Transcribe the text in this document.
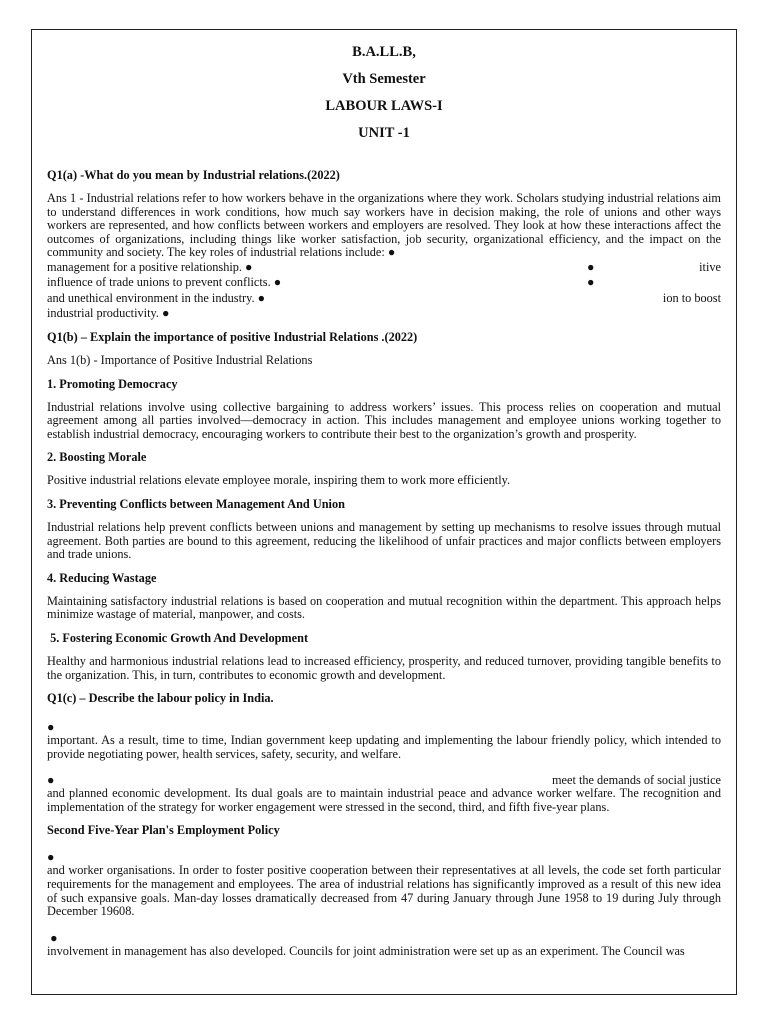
B.A.LL.B,
Vth Semester
LABOUR LAWS-I
UNIT -1
Q1(a) -What do you mean by Industrial relations.(2022)

Ans 1 - Industrial relations refer to how workers behave in the organizations where they work. Scholars studying industrial relations aim to understand differences in work conditions, how much say workers have in decision making, the role of unions and other ways workers are represented, and how conflicts between workers and employers are resolved. They look at how these interactions affect the outcomes of organizations, including things like worker satisfaction, job security, organizational efficiency, and the impact on the community and society. The key roles of industrial relations include: ●

management for a positive relationship. ●	●	itive
influence of trade unions to prevent conflicts. ●	●
and unethical environment in the industry. ●	ion to boost
industrial productivity. ●
Q1(b) – Explain the importance of positive Industrial Relations .(2022)

Ans 1(b) - Importance of Positive Industrial Relations

1. Promoting Democracy

Industrial relations involve using collective bargaining to address workers’ issues. This process relies on cooperation and mutual agreement among all parties involved—democracy in action. This includes management and employee unions working together to establish industrial democracy, encouraging workers to contribute their best to the organization’s growth and prosperity.

2. Boosting Morale

Positive industrial relations elevate employee morale, inspiring them to work more efficiently.

3. Preventing Conflicts between Management And Union

Industrial relations help prevent conflicts between unions and management by setting up mechanisms to resolve issues through mutual agreement. Both parties are bound to this agreement, reducing the likelihood of unfair practices and major conflicts between employers and trade unions.

4. Reducing Wastage

Maintaining satisfactory industrial relations is based on cooperation and mutual recognition within the department. This approach helps minimize wastage of material, manpower, and costs.

5. Fostering Economic Growth And Development

Healthy and harmonious industrial relations lead to increased efficiency, prosperity, and reduced turnover, providing tangible benefits to the organization. This, in turn, contributes to economic growth and development.

Q1(c) – Describe the labour policy in India.
●
important. As a result, time to time, Indian government keep updating and implementing the labour friendly policy, which intended to provide negotiating power, health services, safety, security, and welfare.
●	meet the demands of social justice
and planned economic development. Its dual goals are to maintain industrial peace and advance worker welfare. The recognition and implementation of the strategy for worker engagement were stressed in the second, third, and fifth five-year plans.
Second Five-Year Plan's Employment Policy
●
and worker organisations. In order to foster positive cooperation between their representatives at all levels, the code set forth particular requirements for the management and employees. The area of industrial relations has significantly improved as a result of this new idea of such expansive goals. Man-day losses dramatically decreased from 47 during January through June 1958 to 19 during July through December 19608.
●
involvement in management has also developed. Councils for joint administration were set up as an experiment. The Council was
